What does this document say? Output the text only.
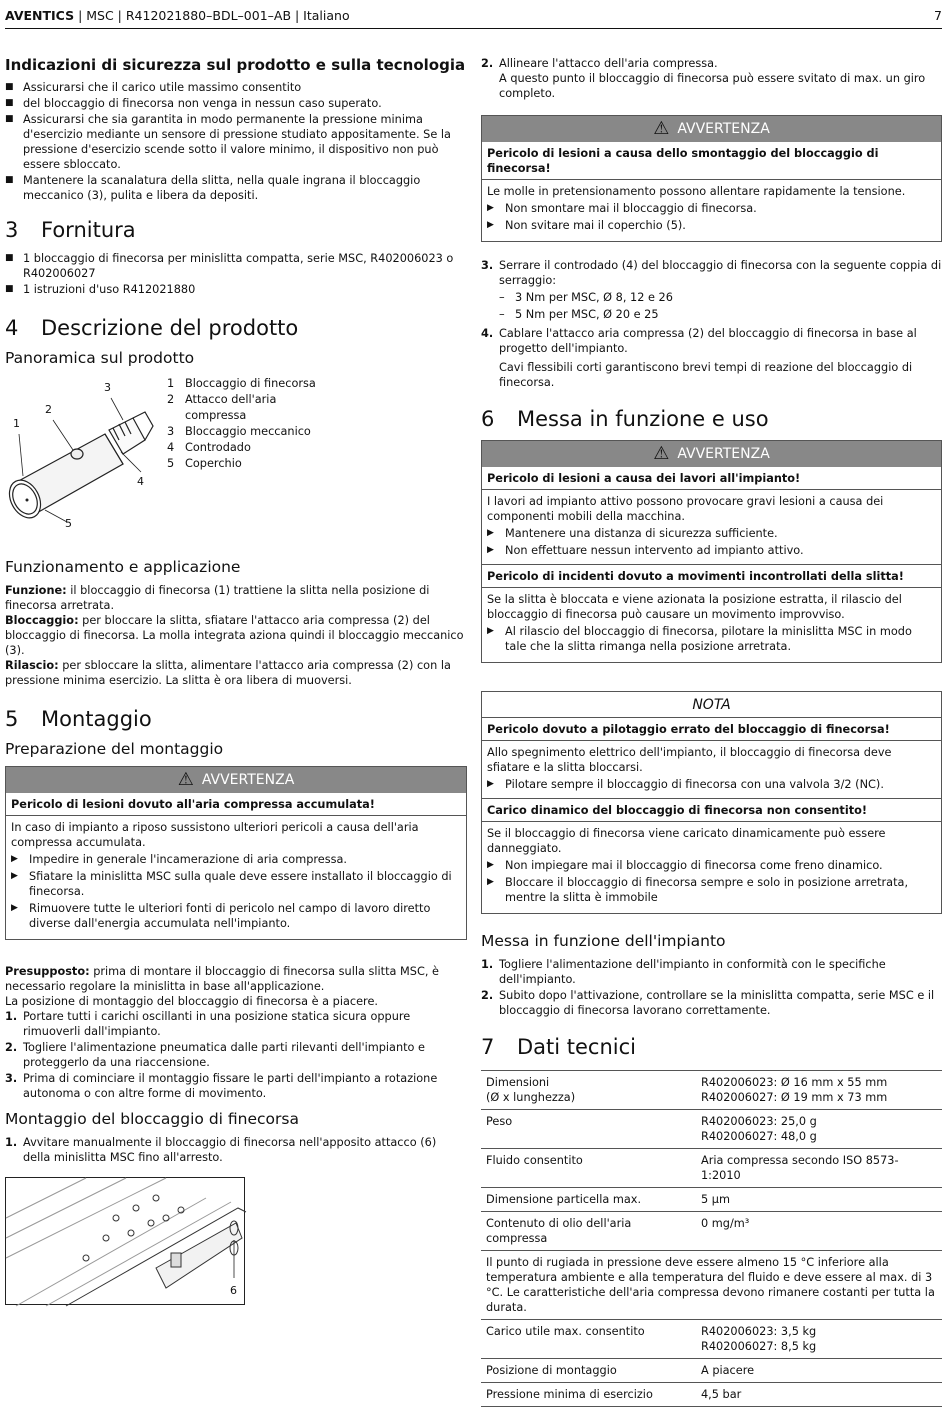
AVENTICS | MSC | R412021880–BDL–001–AB | Italiano	7
Indicazioni di sicurezza sul prodotto e sulla tecnologia
■ Assicurarsi che il carico utile massimo consentito
■ del bloccaggio di finecorsa non venga in nessun caso superato.
■ Assicurarsi che sia garantita in modo permanente la pressione minima d'esercizio mediante un sensore di pressione studiato appositamente. Se la pressione d'esercizio scende sotto il valore minimo, il dispositivo non può essere sbloccato.
■ Mantenere la scanalatura della slitta, nella quale ingrana il bloccaggio meccanico (3), pulita e libera da depositi.
3	Fornitura
■ 1 bloccaggio di finecorsa per minislitta compatta, serie MSC, R402006023 o R402006027
■ 1 istruzioni d'uso R412021880
4	Descrizione del prodotto
Panoramica sul prodotto
1
2
3
4
5
1 Bloccaggio di finecorsa
2 Attacco dell'aria compressa
3 Bloccaggio meccanico
4 Controdado
5 Coperchio
Funzionamento e applicazione

Funzione: il bloccaggio di finecorsa (1) trattiene la slitta nella posizione di finecorsa arretrata.

Bloccaggio: per bloccare la slitta, sfiatare l'attacco aria compressa (2) del bloccaggio di finecorsa. La molla integrata aziona quindi il bloccaggio meccanico (3).

Rilascio: per sbloccare la slitta, alimentare l'attacco aria compressa (2) con la pressione minima esercizio. La slitta è ora libera di muoversi.

5	Montaggio
Preparazione del montaggio
⚠ AVVERTENZA

Pericolo di lesioni dovuto all'aria compressa accumulata!

In caso di impianto a riposo sussistono ulteriori pericoli a causa dell'aria compressa accumulata.

▶ Impedire in generale l'incamerazione di aria compressa.
▶ Sfiatare la minislitta MSC sulla quale deve essere installato il bloccaggio di finecorsa.
▶ Rimuovere tutte le ulteriori fonti di pericolo nel campo di lavoro diretto diverse dall'energia accumulata nell'impianto.

Presupposto: prima di montare il bloccaggio di finecorsa sulla slitta MSC, è necessario regolare la minislitta in base all'applicazione.

La posizione di montaggio del bloccaggio di finecorsa è a piacere.

1. Portare tutti i carichi oscillanti in una posizione statica sicura oppure rimuoverli dall'impianto.
2. Togliere l'alimentazione pneumatica dalle parti rilevanti dell'impianto e proteggerlo da una riaccensione.
3. Prima di cominciare il montaggio fissare le parti dell'impianto a rotazione autonoma o con altre forme di movimento.
Montaggio del bloccaggio di finecorsa
1. Avvitare manualmente il bloccaggio di finecorsa nell'apposito attacco (6) della minislitta MSC fino all'arresto.
6
2. Allineare l'attacco dell'aria compressa.
A questo punto il bloccaggio di finecorsa può essere svitato di max. un giro completo.
⚠ AVVERTENZA

Pericolo di lesioni a causa dello smontaggio del bloccaggio di finecorsa!

Le molle in pretensionamento possono allentare rapidamente la tensione.

▶ Non smontare mai il bloccaggio di finecorsa.
▶ Non svitare mai il coperchio (5).
3. Serrare il controdado (4) del bloccaggio di finecorsa con la seguente coppia di serraggio:
– 3 Nm per MSC, Ø 8, 12 e 26
– 5 Nm per MSC, Ø 20 e 25
4. Cablare l'attacco aria compressa (2) del bloccaggio di finecorsa in base al progetto dell'impianto.

Cavi flessibili corti garantiscono brevi tempi di reazione del bloccaggio di finecorsa.
6	Messa in funzione e uso
⚠ AVVERTENZA

Pericolo di lesioni a causa dei lavori all'impianto!

I lavori ad impianto attivo possono provocare gravi lesioni a causa dei componenti mobili della macchina.

▶ Mantenere una distanza di sicurezza sufficiente.
▶ Non effettuare nessun intervento ad impianto attivo.

Pericolo di incidenti dovuto a movimenti incontrollati della slitta!

Se la slitta è bloccata e viene azionata la posizione estratta, il rilascio del bloccaggio di finecorsa può causare un movimento improvviso.

▶ Al rilascio del bloccaggio di finecorsa, pilotare la minislitta MSC in modo tale che la slitta rimanga nella posizione arretrata.
NOTA

Pericolo dovuto a pilotaggio errato del bloccaggio di finecorsa!

Allo spegnimento elettrico dell'impianto, il bloccaggio di finecorsa deve sfiatare e la slitta bloccarsi.

▶ Pilotare sempre il bloccaggio di finecorsa con una valvola 3/2 (NC).

Carico dinamico del bloccaggio di finecorsa non consentito!

Se il bloccaggio di finecorsa viene caricato dinamicamente può essere danneggiato.

▶ Non impiegare mai il bloccaggio di finecorsa come freno dinamico.
▶ Bloccare il bloccaggio di finecorsa sempre e solo in posizione arretrata, mentre la slitta è immobile
Messa in funzione dell'impianto
1. Togliere l'alimentazione dell'impianto in conformità con le specifiche dell'impianto.
2. Subito dopo l'attivazione, controllare se la minislitta compatta, serie MSC e il bloccaggio di finecorsa lavorano correttamente.
7	Dati tecnici
Dimensioni
(Ø x lunghezza)	R402006023: Ø 16 mm x 55 mm
R402006027: Ø 19 mm x 73 mm
Peso	R402006023: 25,0 g
R402006027: 48,0 g
Fluido consentito	Aria compressa secondo ISO 8573-1:2010
Dimensione particella max.	5 µm
Contenuto di olio dell'aria compressa	0 mg/m³
Il punto di rugiada in pressione deve essere almeno 15 °C inferiore alla temperatura ambiente e alla temperatura del fluido e deve essere al max. di 3 °C. Le caratteristiche dell'aria compressa devono rimanere costanti per tutta la durata.	
Carico utile max. consentito	R402006023: 3,5 kg
R402006027: 8,5 kg
Posizione di montaggio	A piacere
Pressione minima di esercizio	4,5 bar
